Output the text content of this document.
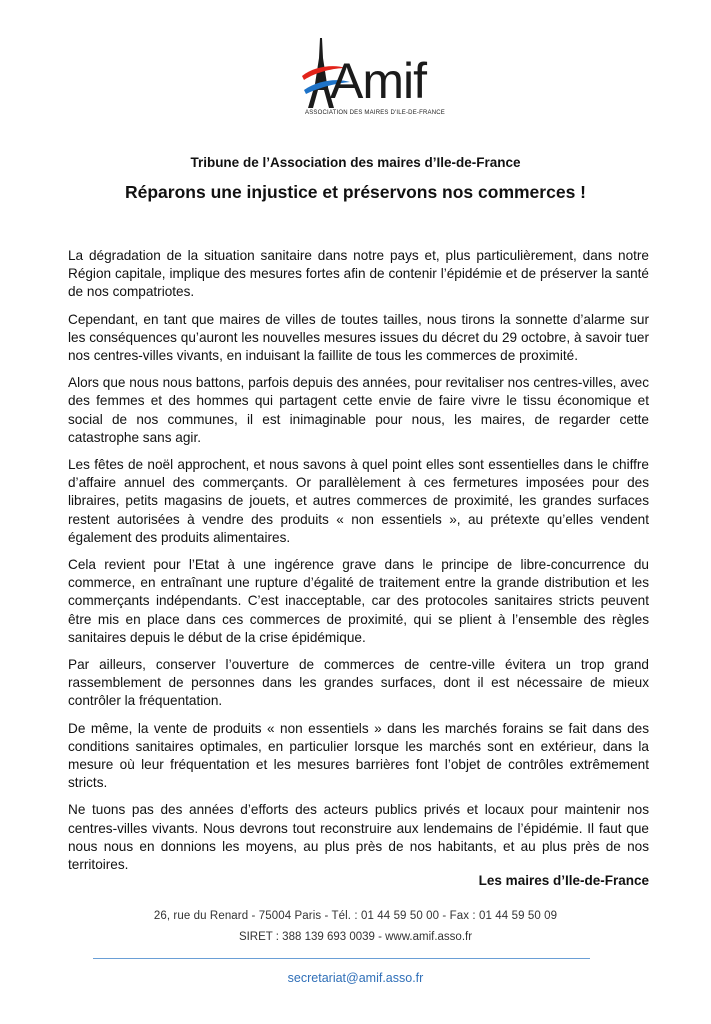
Amif
ASSOCIATION DES MAIRES D'ILE-DE-FRANCE
Tribune de l’Association des maires d’Ile-de-France
Réparons une injustice et préservons nos commerces !

La dégradation de la situation sanitaire dans notre pays et, plus particulièrement, dans notre Région capitale, implique des mesures fortes afin de contenir l’épidémie et de préserver la santé de nos compatriotes.

Cependant, en tant que maires de villes de toutes tailles, nous tirons la sonnette d’alarme sur les conséquences qu’auront les nouvelles mesures issues du décret du 29 octobre, à savoir tuer nos centres-villes vivants, en induisant la faillite de tous les commerces de proximité.

Alors que nous nous battons, parfois depuis des années, pour revitaliser nos centres-villes, avec des femmes et des hommes qui partagent cette envie de faire vivre le tissu économique et social de nos communes, il est inimaginable pour nous, les maires, de regarder cette catastrophe sans agir.

Les fêtes de noël approchent, et nous savons à quel point elles sont essentielles dans le chiffre d’affaire annuel des commerçants. Or parallèlement à ces fermetures imposées pour des libraires, petits magasins de jouets, et autres commerces de proximité, les grandes surfaces restent autorisées à vendre des produits « non essentiels », au prétexte qu’elles vendent également des produits alimentaires.

Cela revient pour l’Etat à une ingérence grave dans le principe de libre-concurrence du commerce, en entraînant une rupture d’égalité de traitement entre la grande distribution et les commerçants indépendants. C’est inacceptable, car des protocoles sanitaires stricts peuvent être mis en place dans ces commerces de proximité, qui se plient à l’ensemble des règles sanitaires depuis le début de la crise épidémique.

Par ailleurs, conserver l’ouverture de commerces de centre-ville évitera un trop grand rassemblement de personnes dans les grandes surfaces, dont il est nécessaire de mieux contrôler la fréquentation.

De même, la vente de produits « non essentiels » dans les marchés forains se fait dans des conditions sanitaires optimales, en particulier lorsque les marchés sont en extérieur, dans la mesure où leur fréquentation et les mesures barrières font l’objet de contrôles extrêmement stricts.

Ne tuons pas des années d’efforts des acteurs publics privés et locaux pour maintenir nos centres-villes vivants. Nous devrons tout reconstruire aux lendemains de l’épidémie. Il faut que nous nous en donnions les moyens, au plus près de nos habitants, et au plus près de nos territoires.

Les maires d’Ile-de-France
26, rue du Renard - 75004 Paris - Tél. : 01 44 59 50 00 - Fax : 01 44 59 50 09
SIRET : 388 139 693 0039 - www.amif.asso.fr
secretariat@amif.asso.fr
